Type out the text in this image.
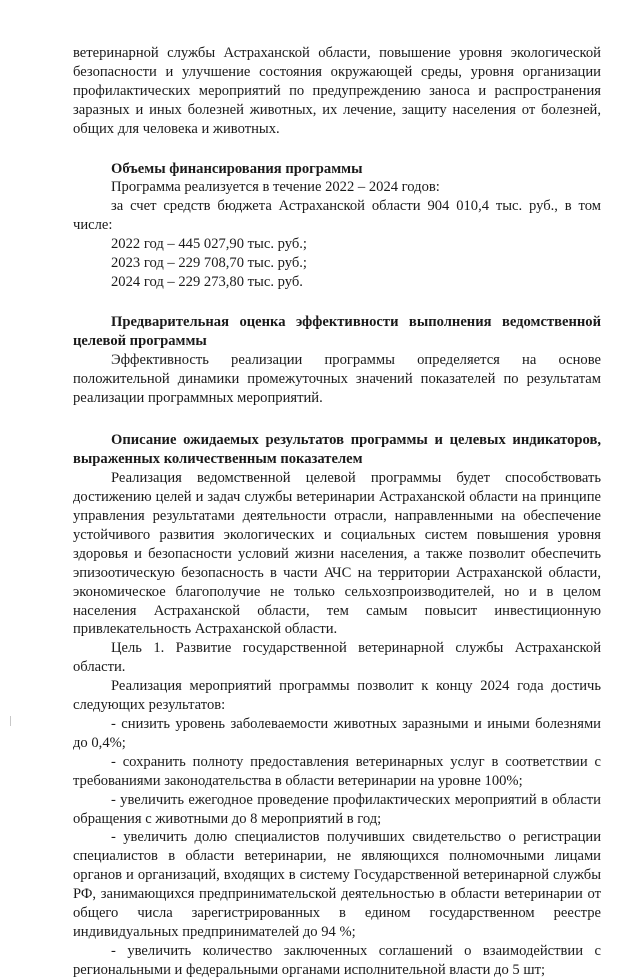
ветеринарной службы Астраханской области, повышение уровня экологической безопасности и улучшение состояния окружающей среды, уровня организации профилактических мероприятий по предупреждению заноса и распространения заразных и иных болезней животных, их лечение, защиту населения от болезней, общих для человека и животных.

Объемы финансирования программы

Программа реализуется в течение 2022 – 2024 годов:

за счет средств бюджета Астраханской области 904 010,4 тыс. руб., в том числе:

2022 год – 445 027,90 тыс. руб.;

2023 год – 229 708,70 тыс. руб.;

2024 год – 229 273,80 тыс. руб.

Предварительная оценка эффективности выполнения ведомственной целевой программы

Эффективность реализации программы определяется на основе положительной динамики промежуточных значений показателей по результатам реализации программных мероприятий.

Описание ожидаемых результатов программы и целевых индикаторов, выраженных количественным показателем

Реализация ведомственной целевой программы будет способствовать достижению целей и задач службы ветеринарии Астраханской области на принципе управления результатами деятельности отрасли, направленными на обеспечение устойчивого развития экологических и социальных систем повышения уровня здоровья и безопасности условий жизни населения, а также позволит обеспечить эпизоотическую безопасность в части АЧС на территории Астраханской области, экономическое благополучие не только сельхозпроизводителей, но и в целом населения Астраханской области, тем самым повысит инвестиционную привлекательность Астраханской области.

Цель 1. Развитие государственной ветеринарной службы Астраханской области.

Реализация мероприятий программы позволит к концу 2024 года достичь следующих результатов:

- снизить уровень заболеваемости животных заразными и иными болезнями до 0,4%;

- сохранить полноту предоставления ветеринарных услуг в соответствии с требованиями законодательства в области ветеринарии на уровне 100%;

- увеличить ежегодное проведение профилактических мероприятий в области обращения с животными до 8 мероприятий в год;

- увеличить долю специалистов получивших свидетельство о регистрации специалистов в области ветеринарии, не являющихся полномочными лицами органов и организаций, входящих в систему Государственной ветеринарной службы РФ, занимающихся предпринимательской деятельностью в области ветеринарии от общего числа зарегистрированных в едином государственном реестре индивидуальных предпринимателей до 94 %;

- увеличить количество заключенных соглашений о взаимодействии с региональными и федеральными органами исполнительной власти до 5 шт;
